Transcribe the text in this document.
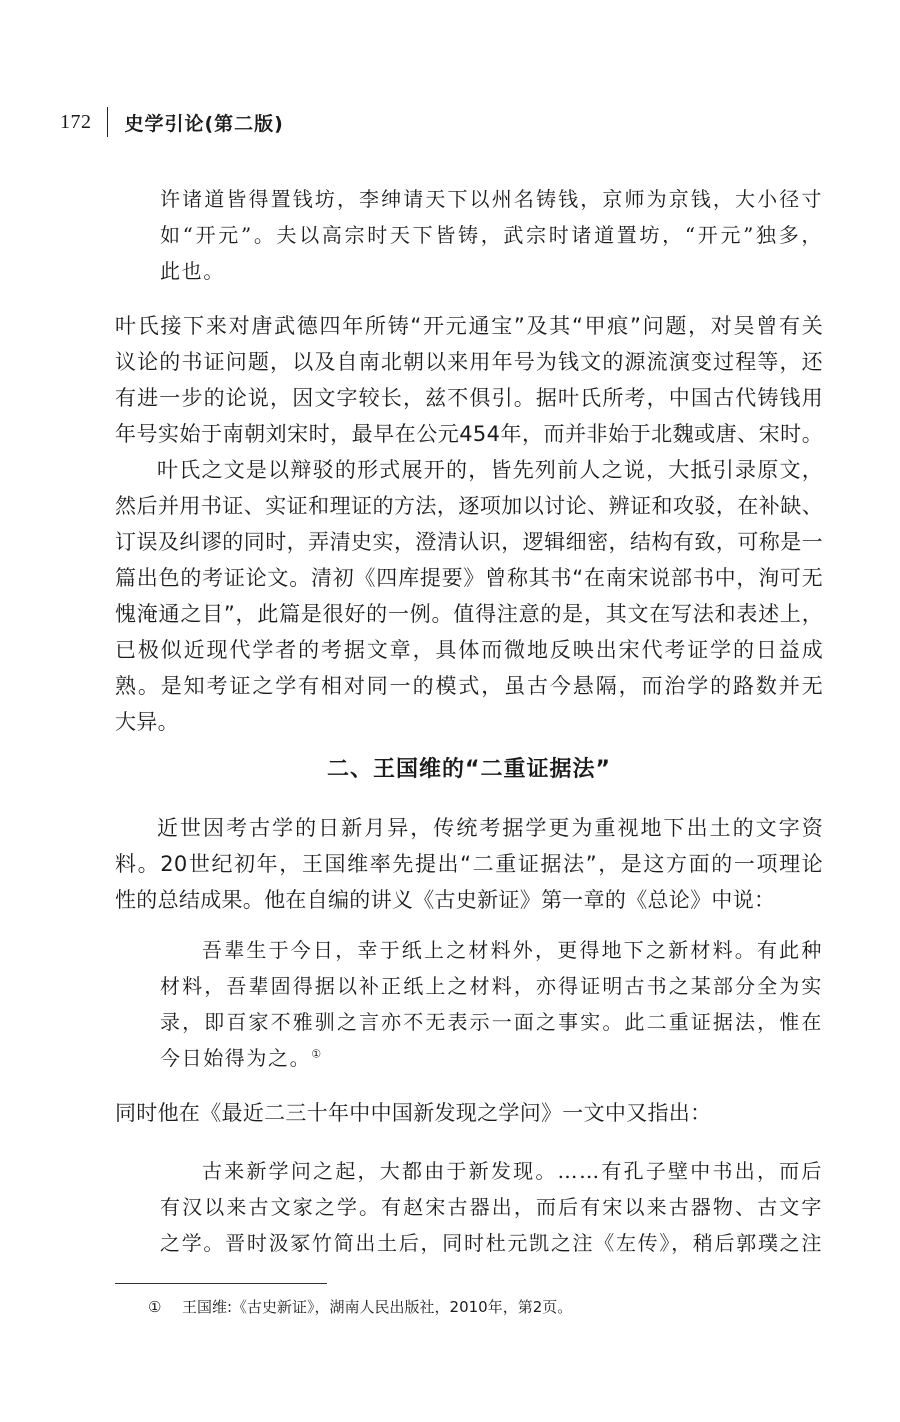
172 史学引论(第二版)
许诸道皆得置钱坊，李绅请天下以州名铸钱，京师为京钱，大小径寸
如“开元”。夫以高宗时天下皆铸，武宗时诸道置坊，“开元”独多，
此也。
叶氏接下来对唐武德四年所铸“开元通宝”及其“甲痕”问题，对吴曾有关
议论的书证问题，以及自南北朝以来用年号为钱文的源流演变过程等，还
有进一步的论说，因文字较长，兹不俱引。据叶氏所考，中国古代铸钱用
年号实始于南朝刘宋时，最早在公元454年，而并非始于北魏或唐、宋时。
叶氏之文是以辩驳的形式展开的，皆先列前人之说，大抵引录原文，
然后并用书证、实证和理证的方法，逐项加以讨论、辨证和攻驳，在补缺、
订误及纠谬的同时，弄清史实，澄清认识，逻辑细密，结构有致，可称是一
篇出色的考证论文。清初《四库提要》曾称其书“在南宋说部书中，洵可无
愧淹通之目”，此篇是很好的一例。值得注意的是，其文在写法和表述上，
已极似近现代学者的考据文章，具体而微地反映出宋代考证学的日益成
熟。是知考证之学有相对同一的模式，虽古今悬隔，而治学的路数并无
大异。
二、王国维的“二重证据法”
近世因考古学的日新月异，传统考据学更为重视地下出土的文字资
料。20世纪初年，王国维率先提出“二重证据法”，是这方面的一项理论
性的总结成果。他在自编的讲义《古史新证》第一章的《总论》中说：
吾辈生于今日，幸于纸上之材料外，更得地下之新材料。有此种
材料，吾辈固得据以补正纸上之材料，亦得证明古书之某部分全为实
录，即百家不雅驯之言亦不无表示一面之事实。此二重证据法，惟在
今日始得为之。①
同时他在《最近二三十年中中国新发现之学问》一文中又指出：
古来新学问之起，大都由于新发现。……有孔子壁中书出，而后
有汉以来古文家之学。有赵宋古器出，而后有宋以来古器物、古文字
之学。晋时汲冢竹简出土后，同时杜元凯之注《左传》，稍后郭璞之注
① 王国维:《古史新证》，湖南人民出版社，2010年，第2页。
